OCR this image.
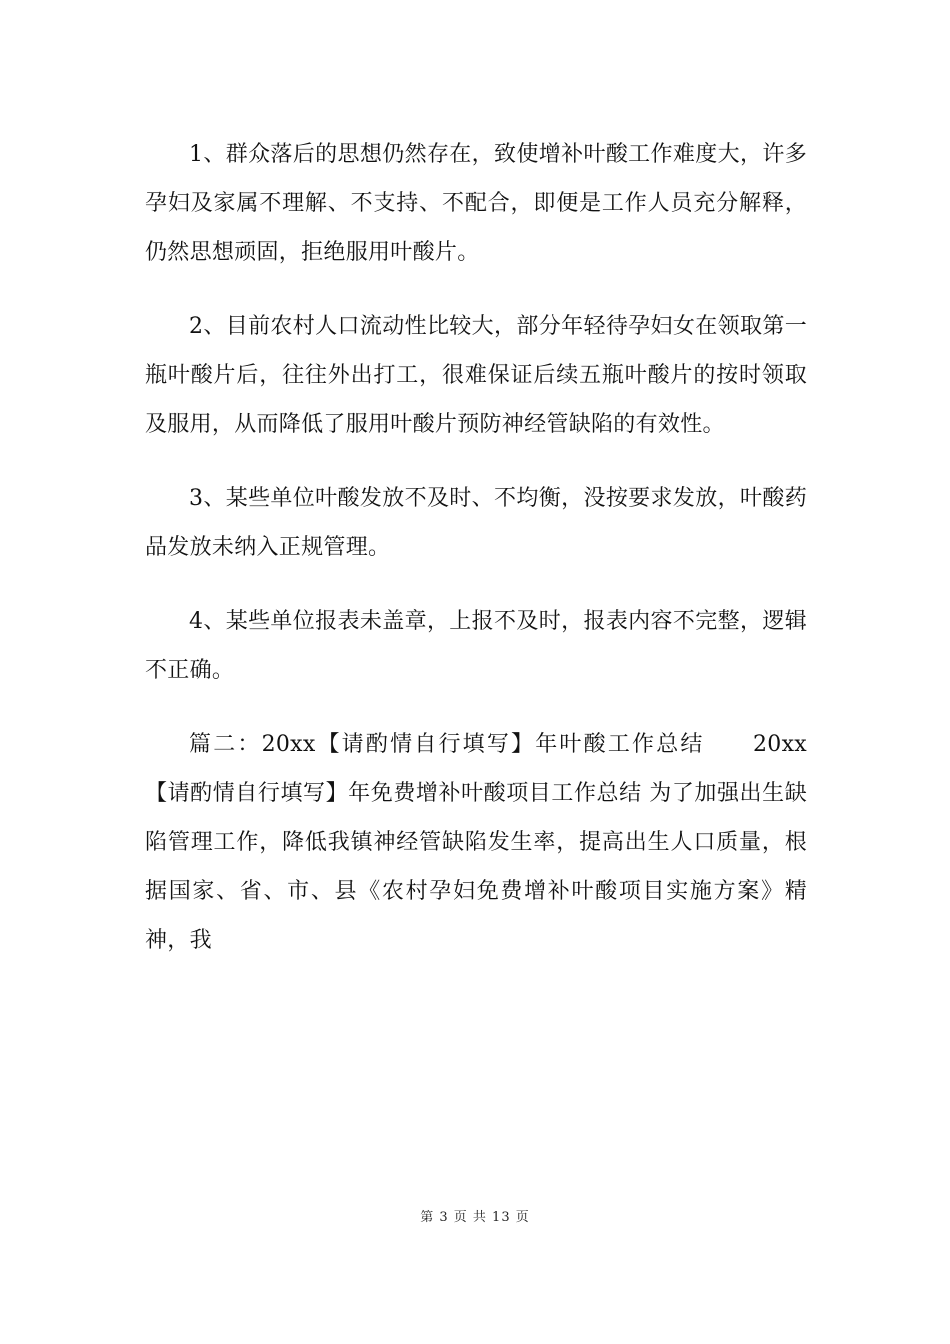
1、群众落后的思想仍然存在，致使增补叶酸工作难度大，许多孕妇及家属不理解、不支持、不配合，即便是工作人员充分解释，仍然思想顽固，拒绝服用叶酸片。

2、目前农村人口流动性比较大，部分年轻待孕妇女在领取第一瓶叶酸片后，往往外出打工，很难保证后续五瓶叶酸片的按时领取及服用，从而降低了服用叶酸片预防神经管缺陷的有效性。

3、某些单位叶酸发放不及时、不均衡，没按要求发放，叶酸药品发放未纳入正规管理。

4、某些单位报表未盖章，上报不及时，报表内容不完整，逻辑不正确。

篇二：20xx【请酌情自行填写】年叶酸工作总结　　20xx【请酌情自行填写】年免费增补叶酸项目工作总结 为了加强出生缺陷管理工作，降低我镇神经管缺陷发生率，提高出生人口质量，根据国家、省、市、县《农村孕妇免费增补叶酸项目实施方案》精神，我

第 3 页 共 13 页
